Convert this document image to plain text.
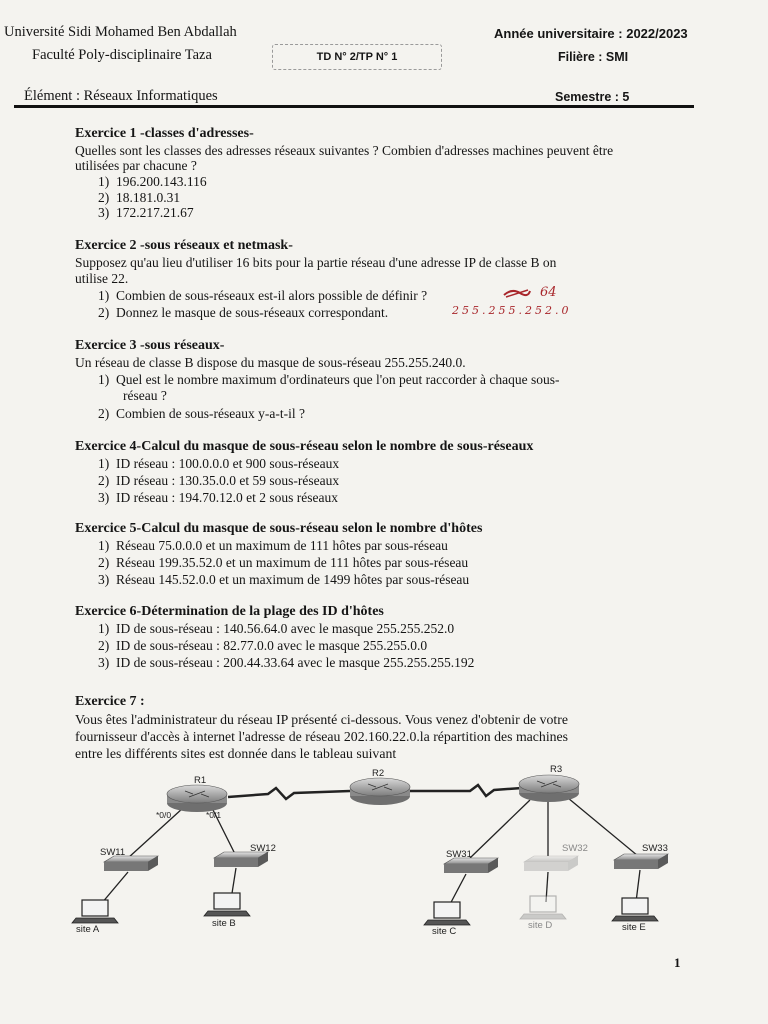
Université Sidi Mohamed Ben Abdallah
Faculté Poly-disciplinaire Taza
Élément : Réseaux Informatiques
Année universitaire : 2022/2023
Filière : SMI
TD N° 2/TP N° 1
Semestre : 5
Exercice 1 -classes d'adresses-
Quelles sont les classes des adresses réseaux suivantes ? Combien d'adresses machines peuvent être
utilisées par chacune ?
1) 196.200.143.116
2) 18.181.0.31
3) 172.217.21.67
Exercice 2 -sous réseaux et netmask-
Supposez qu'au lieu d'utiliser 16 bits pour la partie réseau d'une adresse IP de classe B on
utilise 22.
1) Combien de sous-réseaux est-il alors possible de définir ?	64
2) Donnez le masque de sous-réseaux correspondant.	255.255.252.0
Exercice 3 -sous réseaux-
Un réseau de classe B dispose du masque de sous-réseau 255.255.240.0.
1) Quel est le nombre maximum d'ordinateurs que l'on peut raccorder à chaque sous-
réseau ?
2) Combien de sous-réseaux y-a-t-il ?
Exercice 4-Calcul du masque de sous-réseau selon le nombre de sous-réseaux
1) ID réseau : 100.0.0.0 et 900 sous-réseaux
2) ID réseau : 130.35.0.0 et 59 sous-réseaux
3) ID réseau : 194.70.12.0 et 2 sous réseaux
Exercice 5-Calcul du masque de sous-réseau selon le nombre d'hôtes
1) Réseau 75.0.0.0 et un maximum de 111 hôtes par sous-réseau
2) Réseau 199.35.52.0 et un maximum de 111 hôtes par sous-réseau
3) Réseau 145.52.0.0 et un maximum de 1499 hôtes par sous-réseau
Exercice 6-Détermination de la plage des ID d'hôtes
1) ID de sous-réseau : 140.56.64.0 avec le masque 255.255.252.0
2) ID de sous-réseau : 82.77.0.0 avec le masque 255.255.0.0
3) ID de sous-réseau : 200.44.33.64 avec le masque 255.255.255.192
Exercice 7 :
Vous êtes l'administrateur du réseau IP présenté ci-dessous. Vous venez d'obtenir de votre
fournisseur d'accès à internet l'adresse de réseau 202.160.22.0.la répartition des machines
entre les différents sites est donnée dans le tableau suivant
R1
R2	R3
*0/0	*0/1
SW11	SW12
SW31
SW32	SW33
site A
site B
site C
site D	site E
1
